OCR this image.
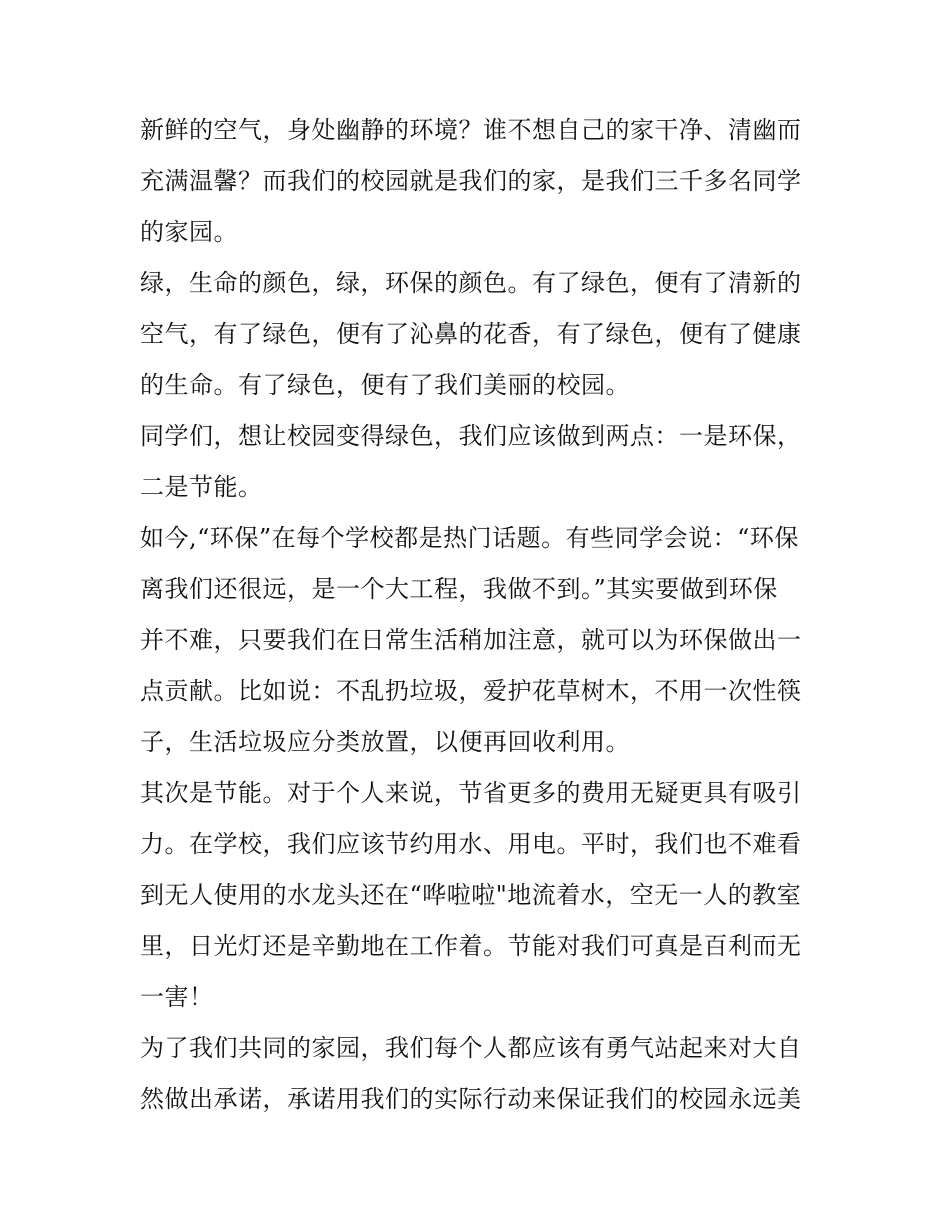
新鲜的空气，身处幽静的环境？谁不想自己的家干净、清幽而
充满温馨？而我们的校园就是我们的家，是我们三千多名同学
的家园。
绿，生命的颜色，绿，环保的颜色。有了绿色，便有了清新的
空气，有了绿色，便有了沁鼻的花香，有了绿色，便有了健康
的生命。有了绿色，便有了我们美丽的校园。
同学们，想让校园变得绿色，我们应该做到两点：一是环保，
二是节能。
如今,“环保”在每个学校都是热门话题。有些同学会说：“环保
离我们还很远，是一个大工程，我做不到。”其实要做到环保
并不难，只要我们在日常生活稍加注意，就可以为环保做出一
点贡献。比如说：不乱扔垃圾，爱护花草树木，不用一次性筷
子，生活垃圾应分类放置，以便再回收利用。
其次是节能。对于个人来说，节省更多的费用无疑更具有吸引
力。在学校，我们应该节约用水、用电。平时，我们也不难看
到无人使用的水龙头还在“哗啦啦"地流着水，空无一人的教室
里，日光灯还是辛勤地在工作着。节能对我们可真是百利而无
一害！
为了我们共同的家园，我们每个人都应该有勇气站起来对大自
然做出承诺，承诺用我们的实际行动来保证我们的校园永远美
